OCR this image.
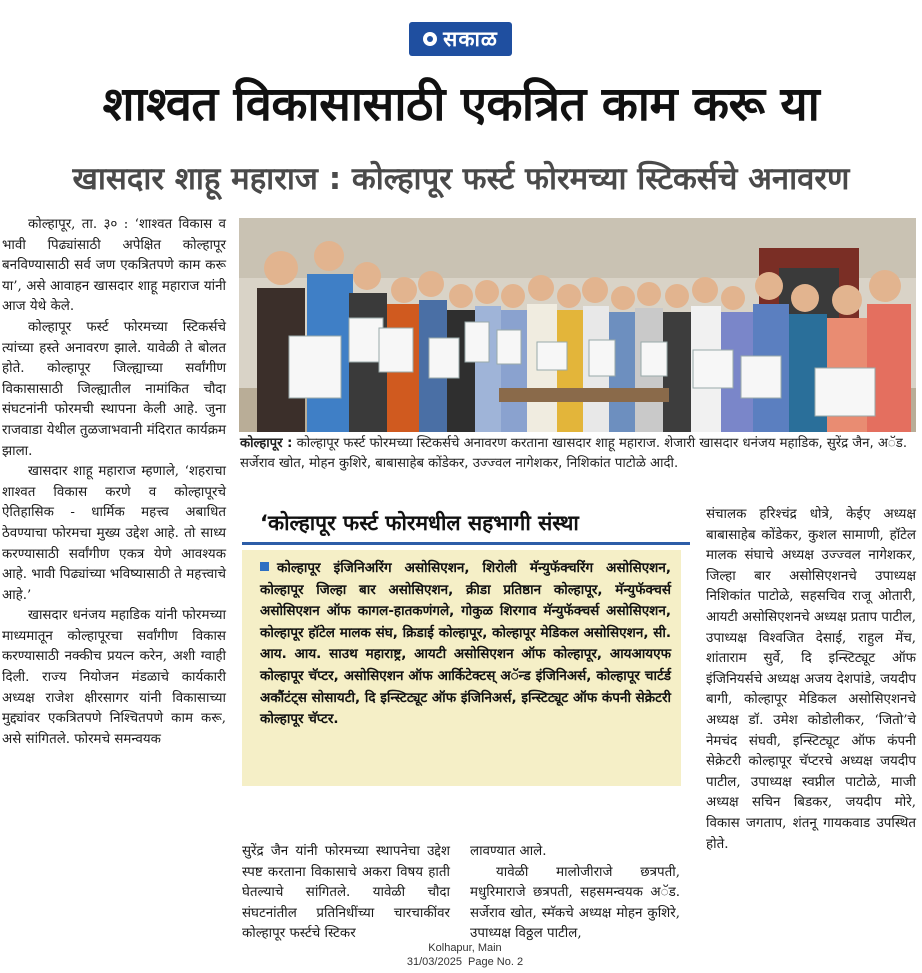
सकाळ
शाश्वत विकासासाठी एकत्रित काम करू या
खासदार शाहू महाराज : कोल्हापूर फर्स्ट फोरमच्या स्टिकर्सचे अनावरण

कोल्हापूर, ता. ३० : ‘शाश्वत विकास व भावी पिढ्यांसाठी अपेक्षित कोल्हापूर बनविण्यासाठी सर्व जण एकत्रितपणे काम करू या’, असे आवाहन खासदार शाहू महाराज यांनी आज येथे केले.

कोल्हापूर फर्स्ट फोरमच्या स्टिकर्सचे त्यांच्या हस्ते अनावरण झाले. यावेळी ते बोलत होते. कोल्हापूर जिल्ह्याच्या सर्वांगीण विकासासाठी जिल्ह्यातील नामांकित चौदा संघटनांनी फोरमची स्थापना केली आहे. जुना राजवाडा येथील तुळजाभवानी मंदिरात कार्यक्रम झाला.

खासदार शाहू महाराज म्हणाले, ‘शहराचा शाश्वत विकास करणे व कोल्हापूरचे ऐतिहासिक - धार्मिक महत्त्व अबाधित ठेवण्याचा फोरमचा मुख्य उद्देश आहे. तो साध्य करण्यासाठी सर्वांगीण एकत्र येणे आवश्यक आहे. भावी पिढ्यांच्या भविष्यासाठी ते महत्त्वाचे आहे.’

खासदार धनंजय महाडिक यांनी फोरमच्या माध्यमातून कोल्हापूरचा सर्वांगीण विकास करण्यासाठी नक्कीच प्रयत्न करेन, अशी ग्वाही दिली. राज्य नियोजन मंडळाचे कार्यकारी अध्यक्ष राजेश क्षीरसागर यांनी विकासाच्या मुद्द्यांवर एकत्रितपणे निश्चितपणे काम करू, असे सांगितले. फोरमचे समन्वयक

कोल्हापूर : कोल्हापूर फर्स्ट फोरमच्या स्टिकर्सचे अनावरण करताना खासदार शाहू महाराज. शेजारी खासदार धनंजय महाडिक, सुरेंद्र जैन, अॅड. सर्जेराव खोत, मोहन कुशिरे, बाबासाहेब कोंडेकर, उज्ज्वल नागेशकर, निशिकांत पाटोळे आदी.
‘कोल्हापूर फर्स्ट फोरमधील सहभागी संस्था
कोल्हापूर इंजिनिअरिंग असोसिएशन, शिरोली मॅन्युफॅक्चरिंग असोसिएशन, कोल्हापूर जिल्हा बार असोसिएशन, क्रीडा प्रतिष्ठान कोल्हापूर, मॅन्युफॅक्चर्स असोसिएशन ऑफ कागल-हातकणंगले, गोकुळ शिरगाव मॅन्युफॅक्चर्स असोसिएशन, कोल्हापूर हॉटेल मालक संघ, क्रिडाई कोल्हापूर, कोल्हापूर मेडिकल असोसिएशन, सी. आय. आय. साउथ महाराष्ट्र, आयटी असोसिएशन ऑफ कोल्हापूर, आयआयएफ कोल्हापूर चॅप्टर, असोसिएशन ऑफ आर्किटेक्टस् अॅन्ड इंजिनिअर्स, कोल्हापूर चार्टर्ड अकौंटंट्स सोसायटी, दि इन्स्टिट्यूट ऑफ इंजिनिअर्स, इन्स्टिट्यूट ऑफ कंपनी सेक्रेटरी कोल्हापूर चॅप्टर.

सुरेंद्र जैन यांनी फोरमच्या स्थापनेचा उद्देश स्पष्ट करताना विकासाचे अकरा विषय हाती घेतल्याचे सांगितले. यावेळी चौदा संघटनांतील प्रतिनिधींच्या चारचाकींवर कोल्हापूर फर्स्टचे स्टिकर

लावण्यात आले.

यावेळी मालोजीराजे छत्रपती, मधुरिमाराजे छत्रपती, सहसमन्वयक अॅड. सर्जेराव खोत, स्मॅकचे अध्यक्ष मोहन कुशिरे, उपाध्यक्ष विठ्ठल पाटील,

संचालक हरिश्चंद्र धोत्रे, केईए अध्यक्ष बाबासाहेब कोंडेकर, कुशल सामाणी, हॉटेल मालक संघाचे अध्यक्ष उज्ज्वल नागेशकर, जिल्हा बार असोसिएशनचे उपाध्यक्ष निशिकांत पाटोळे, सहसचिव राजू ओतारी, आयटी असोसिएशनचे अध्यक्ष प्रताप पाटील, उपाध्यक्ष विश्वजित देसाई, राहुल मेंच, शांताराम सुर्वे, दि इन्स्टिट्यूट ऑफ इंजिनियर्सचे अध्यक्ष अजय देशपांडे, जयदीप बागी, कोल्हापूर मेडिकल असोसिएशनचे अध्यक्ष डॉ. उमेश कोडोलीकर, ‘जितो’चे नेमचंद संघवी, इन्स्टिट्यूट ऑफ कंपनी सेक्रेटरी कोल्हापूर चॅप्टरचे अध्यक्ष जयदीप पाटील, उपाध्यक्ष स्वप्नील पाटोळे, माजी अध्यक्ष सचिन बिडकर, जयदीप मोरे, विकास जगताप, शंतनू गायकवाड उपस्थित होते.

Kolhapur, Main
31/03/2025  Page No. 2
